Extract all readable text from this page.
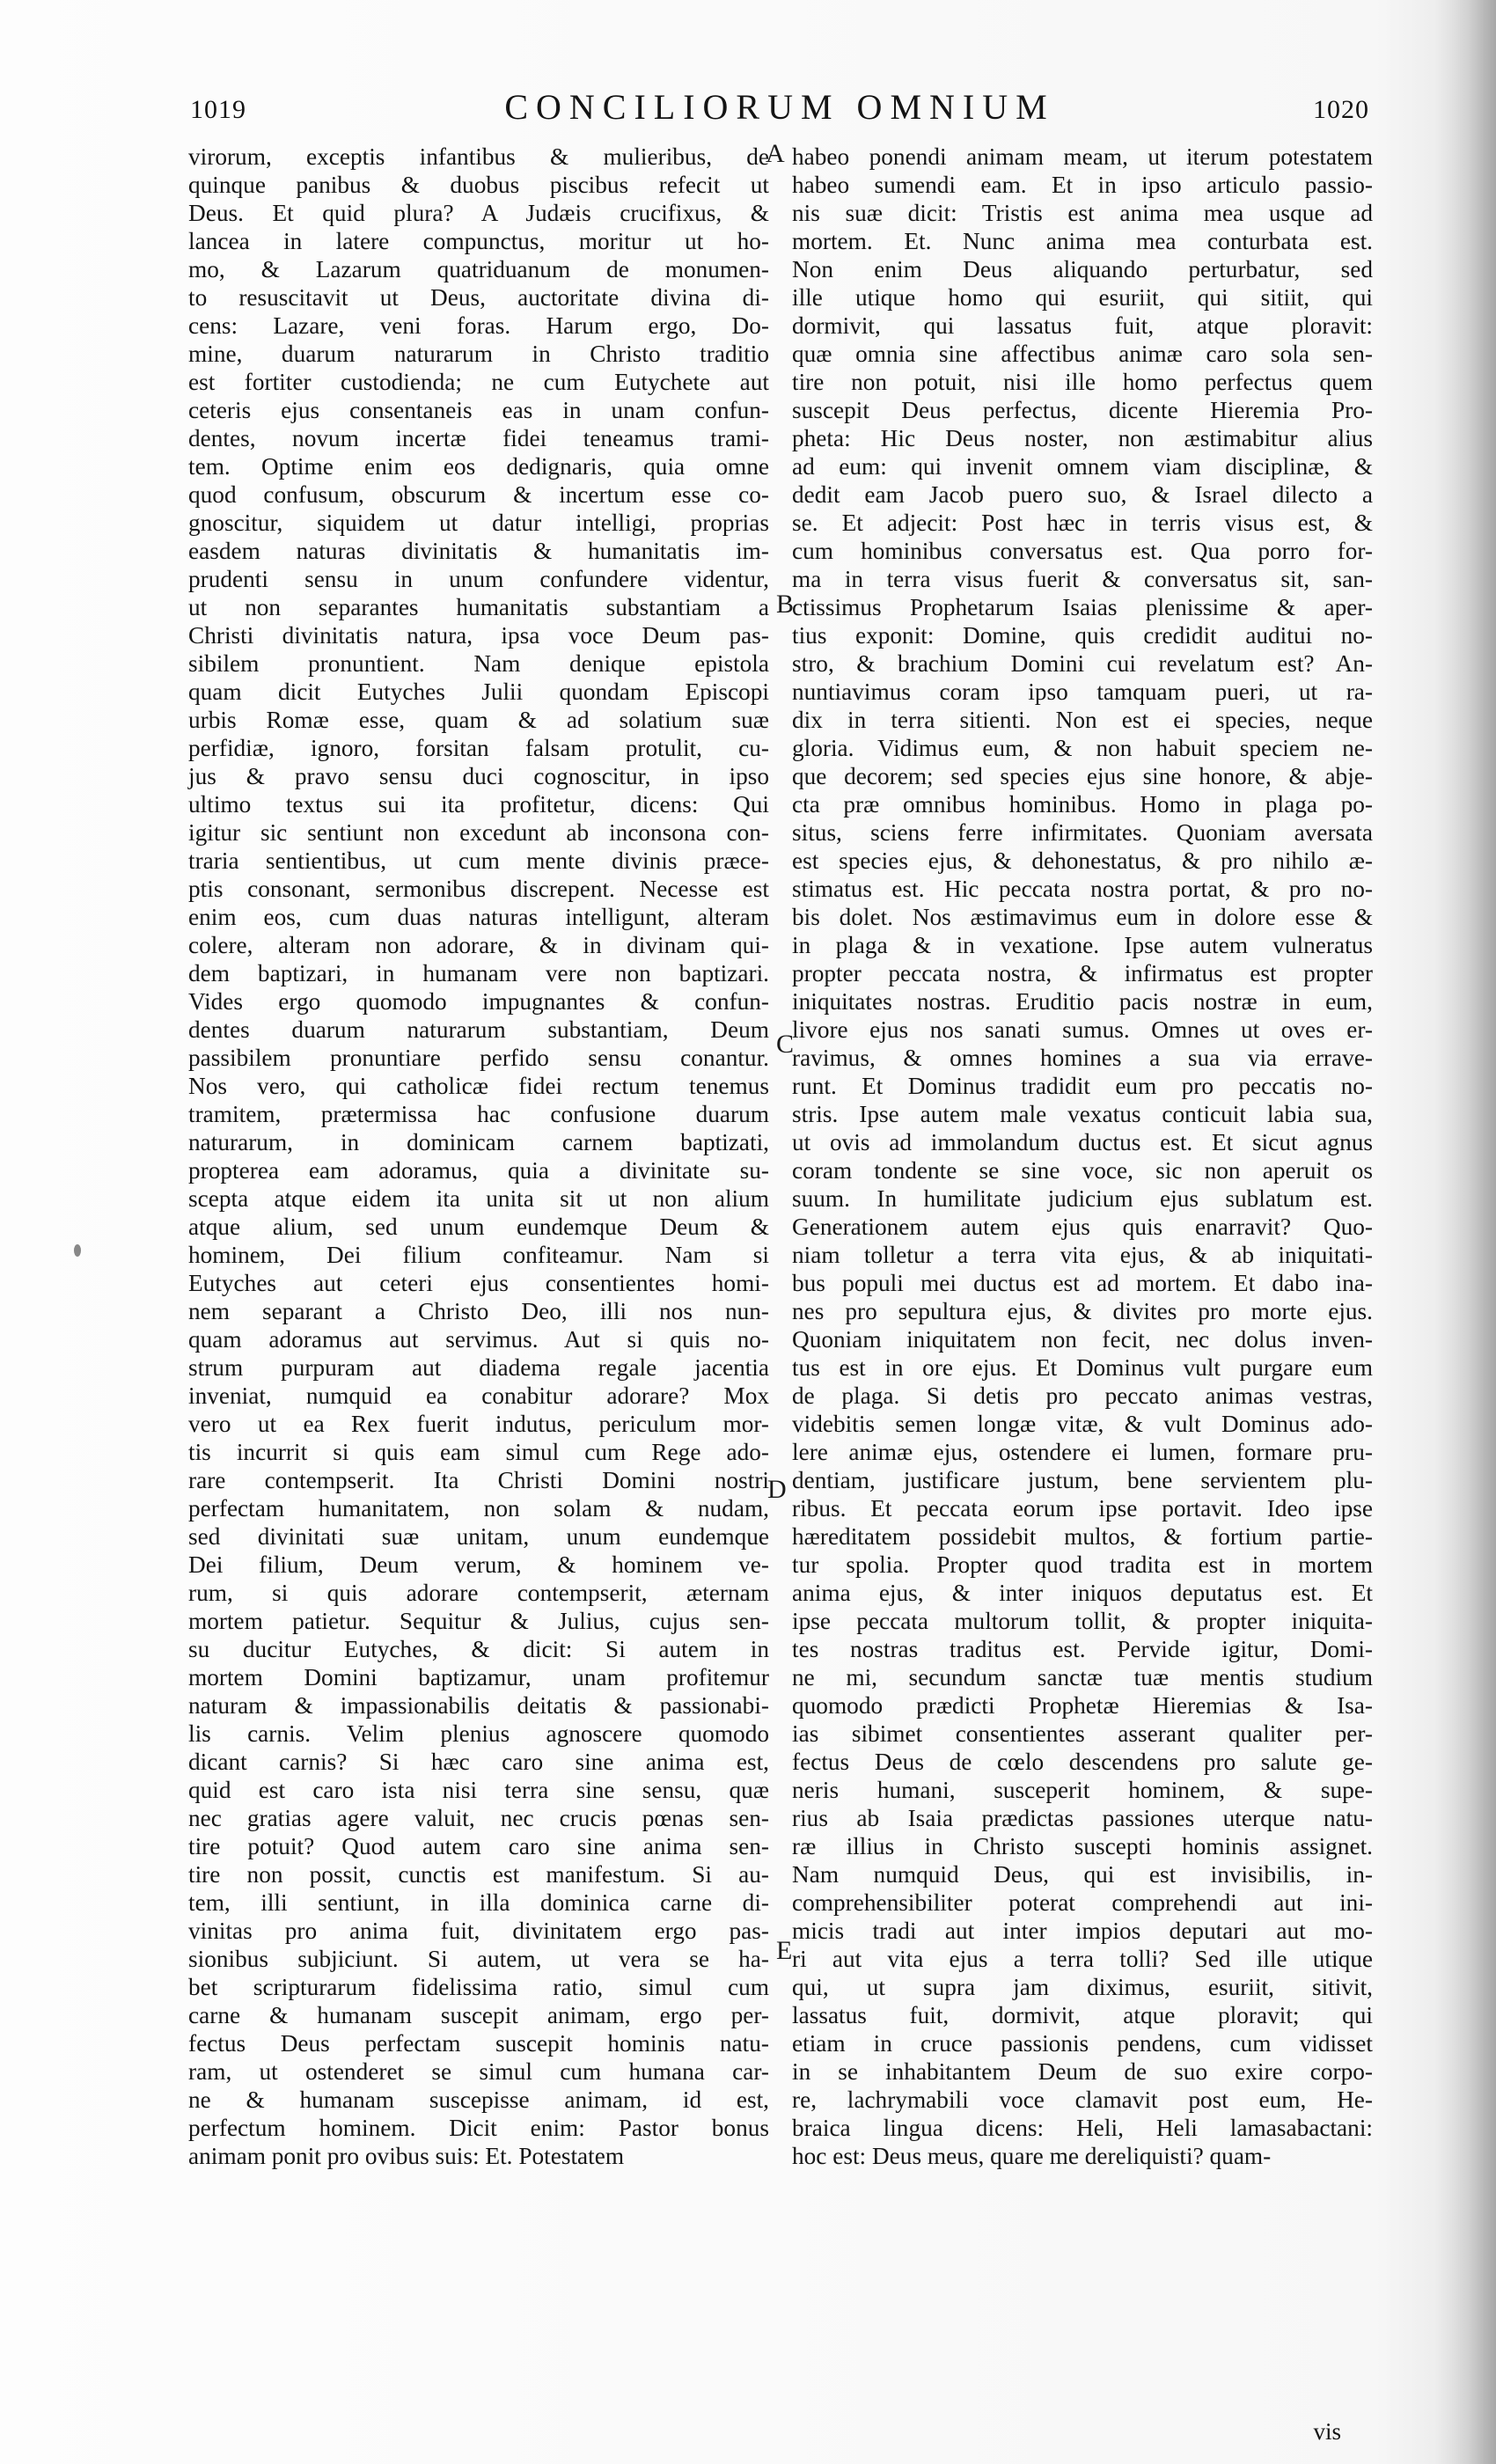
1019	CONCILIORUM OMNIUM	1020
virorum, exceptis infantibus & mulieribus, de
quinque panibus & duobus piscibus refecit ut
Deus. Et quid plura? A Judæis crucifixus, &
lancea in latere compunctus, moritur ut ho-
mo, & Lazarum quatriduanum de monumen-
to resuscitavit ut Deus, auctoritate divina di-
cens: Lazare, veni foras. Harum ergo, Do-
mine, duarum naturarum in Christo traditio
est fortiter custodienda; ne cum Eutychete aut
ceteris ejus consentaneis eas in unam confun-
dentes, novum incertæ fidei teneamus trami-
tem. Optime enim eos dedignaris, quia omne
quod confusum, obscurum & incertum esse co-
gnoscitur, siquidem ut datur intelligi, proprias
easdem naturas divinitatis & humanitatis im-
prudenti sensu in unum confundere videntur,
ut non separantes humanitatis substantiam a
Christi divinitatis natura, ipsa voce Deum pas-
sibilem pronuntient. Nam denique epistola
quam dicit Eutyches Julii quondam Episcopi
urbis Romæ esse, quam & ad solatium suæ
perfidiæ, ignoro, forsitan falsam protulit, cu-
jus & pravo sensu duci cognoscitur, in ipso
ultimo textus sui ita profitetur, dicens: Qui
igitur sic sentiunt non excedunt ab inconsona con-
traria sentientibus, ut cum mente divinis præce-
ptis consonant, sermonibus discrepent. Necesse est
enim eos, cum duas naturas intelligunt, alteram
colere, alteram non adorare, & in divinam qui-
dem baptizari, in humanam vere non baptizari.
Vides ergo quomodo impugnantes & confun-
dentes duarum naturarum substantiam, Deum
passibilem pronuntiare perfido sensu conantur.
Nos vero, qui catholicæ fidei rectum tenemus
tramitem, prætermissa hac confusione duarum
naturarum, in dominicam carnem baptizati,
propterea eam adoramus, quia a divinitate su-
scepta atque eidem ita unita sit ut non alium
atque alium, sed unum eundemque Deum &
hominem, Dei filium confiteamur. Nam si
Eutyches aut ceteri ejus consentientes homi-
nem separant a Christo Deo, illi nos nun-
quam adoramus aut servimus. Aut si quis no-
strum purpuram aut diadema regale jacentia
inveniat, numquid ea conabitur adorare? Mox
vero ut ea Rex fuerit indutus, periculum mor-
tis incurrit si quis eam simul cum Rege ado-
rare contempserit. Ita Christi Domini nostri
perfectam humanitatem, non solam & nudam,
sed divinitati suæ unitam, unum eundemque
Dei filium, Deum verum, & hominem ve-
rum, si quis adorare contempserit, æternam
mortem patietur. Sequitur & Julius, cujus sen-
su ducitur Eutyches, & dicit: Si autem in
mortem Domini baptizamur, unam profitemur
naturam & impassionabilis deitatis & passionabi-
lis carnis. Velim plenius agnoscere quomodo
dicant carnis? Si hæc caro sine anima est,
quid est caro ista nisi terra sine sensu, quæ
nec gratias agere valuit, nec crucis pœnas sen-
tire potuit? Quod autem caro sine anima sen-
tire non possit, cunctis est manifestum. Si au-
tem, illi sentiunt, in illa dominica carne di-
vinitas pro anima fuit, divinitatem ergo pas-
sionibus subjiciunt. Si autem, ut vera se ha-
bet scripturarum fidelissima ratio, simul cum
carne & humanam suscepit animam, ergo per-
fectus Deus perfectam suscepit hominis natu-
ram, ut ostenderet se simul cum humana car-
ne & humanam suscepisse animam, id est,
perfectum hominem. Dicit enim: Pastor bonus
animam ponit pro ovibus suis: Et. Potestatem
habeo ponendi animam meam, ut iterum potestatem
habeo sumendi eam. Et in ipso articulo passio-
nis suæ dicit: Tristis est anima mea usque ad
mortem. Et. Nunc anima mea conturbata est.
Non enim Deus aliquando perturbatur, sed
ille utique homo qui esuriit, qui sitiit, qui
dormivit, qui lassatus fuit, atque ploravit:
quæ omnia sine affectibus animæ caro sola sen-
tire non potuit, nisi ille homo perfectus quem
suscepit Deus perfectus, dicente Hieremia Pro-
pheta: Hic Deus noster, non æstimabitur alius
ad eum: qui invenit omnem viam disciplinæ, &
dedit eam Jacob puero suo, & Israel dilecto a
se. Et adjecit: Post hæc in terris visus est, &
cum hominibus conversatus est. Qua porro for-
ma in terra visus fuerit & conversatus sit, san-
ctissimus Prophetarum Isaias plenissime & aper-
tius exponit: Domine, quis credidit auditui no-
stro, & brachium Domini cui revelatum est? An-
nuntiavimus coram ipso tamquam pueri, ut ra-
dix in terra sitienti. Non est ei species, neque
gloria. Vidimus eum, & non habuit speciem ne-
que decorem; sed species ejus sine honore, & abje-
cta præ omnibus hominibus. Homo in plaga po-
situs, sciens ferre infirmitates. Quoniam aversata
est species ejus, & dehonestatus, & pro nihilo æ-
stimatus est. Hic peccata nostra portat, & pro no-
bis dolet. Nos æstimavimus eum in dolore esse &
in plaga & in vexatione. Ipse autem vulneratus
propter peccata nostra, & infirmatus est propter
iniquitates nostras. Eruditio pacis nostræ in eum,
livore ejus nos sanati sumus. Omnes ut oves er-
ravimus, & omnes homines a sua via errave-
runt. Et Dominus tradidit eum pro peccatis no-
stris. Ipse autem male vexatus conticuit labia sua,
ut ovis ad immolandum ductus est. Et sicut agnus
coram tondente se sine voce, sic non aperuit os
suum. In humilitate judicium ejus sublatum est.
Generationem autem ejus quis enarravit? Quo-
niam tolletur a terra vita ejus, & ab iniquitati-
bus populi mei ductus est ad mortem. Et dabo ina-
nes pro sepultura ejus, & divites pro morte ejus.
Quoniam iniquitatem non fecit, nec dolus inven-
tus est in ore ejus. Et Dominus vult purgare eum
de plaga. Si detis pro peccato animas vestras,
videbitis semen longæ vitæ, & vult Dominus ado-
lere animæ ejus, ostendere ei lumen, formare pru-
dentiam, justificare justum, bene servientem plu-
ribus. Et peccata eorum ipse portavit. Ideo ipse
hæreditatem possidebit multos, & fortium partie-
tur spolia. Propter quod tradita est in mortem
anima ejus, & inter iniquos deputatus est. Et
ipse peccata multorum tollit, & propter iniquita-
tes nostras traditus est. Pervide igitur, Domi-
ne mi, secundum sanctæ tuæ mentis studium
quomodo prædicti Prophetæ Hieremias & Isa-
ias sibimet consentientes asserant qualiter per-
fectus Deus de cœlo descendens pro salute ge-
neris humani, susceperit hominem, & supe-
rius ab Isaia prædictas passiones uterque natu-
ræ illius in Christo suscepti hominis assignet.
Nam numquid Deus, qui est invisibilis, in-
comprehensibiliter poterat comprehendi aut ini-
micis tradi aut inter impios deputari aut mo-
ri aut vita ejus a terra tolli? Sed ille utique
qui, ut supra jam diximus, esuriit, sitivit,
lassatus fuit, dormivit, atque ploravit; qui
etiam in cruce passionis pendens, cum vidisset
in se inhabitantem Deum de suo exire corpo-
re, lachrymabili voce clamavit post eum, He-
braica lingua dicens: Heli, Heli lamasabactani:
hoc est: Deus meus, quare me dereliquisti? quam-
A
B
C
D
E
vis
